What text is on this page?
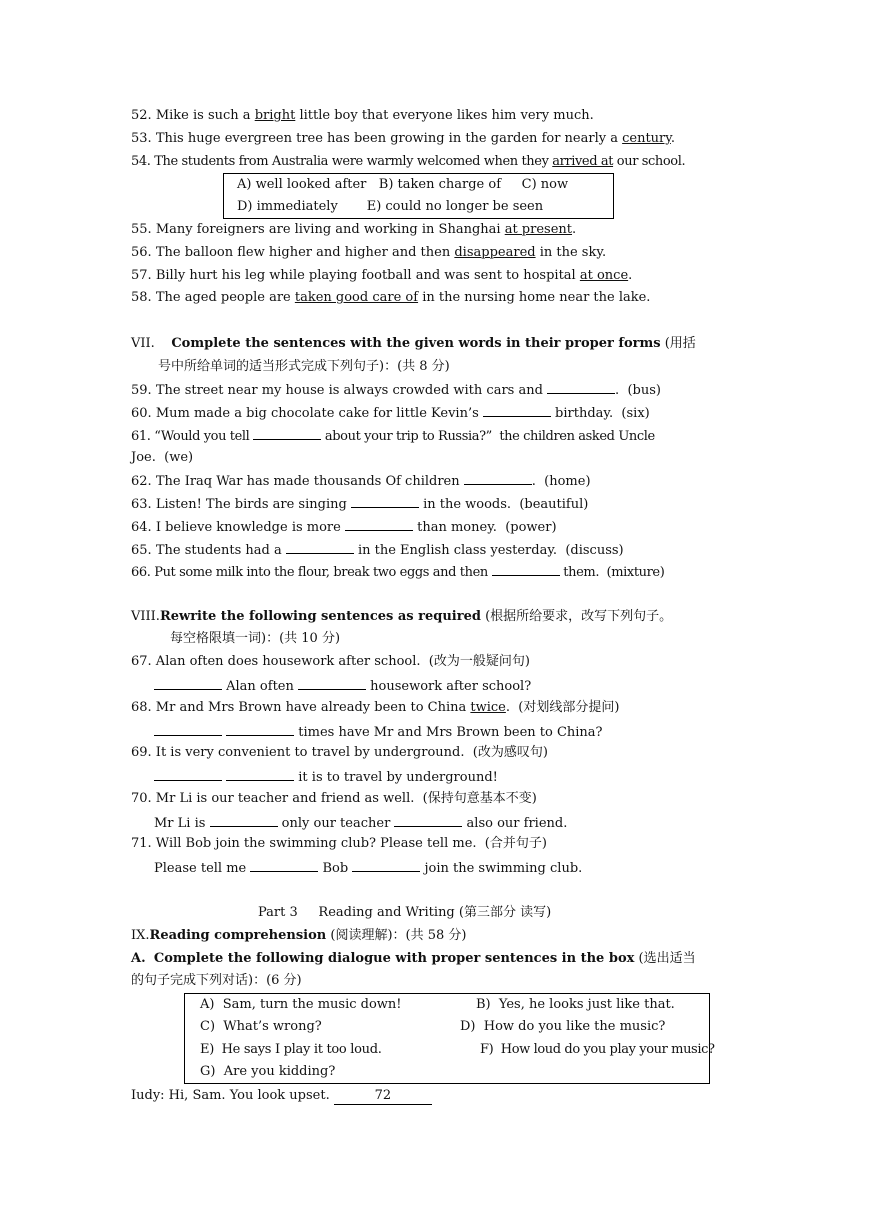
52. Mike is such a bright little boy that everyone likes him very much.
53. This huge evergreen tree has been growing in the garden for nearly a century.
54. The students from Australia were warmly welcomed when they arrived at our school.
A) well looked after   B) taken charge of     C) now
D) immediately       E) could no longer be seen
55. Many foreigners are living and working in Shanghai at present.
56. The balloon flew higher and higher and then disappeared in the sky.
57. Billy hurt his leg while playing football and was sent to hospital at once.
58. The aged people are taken good care of in the nursing home near the lake.
VII. Complete the sentences with the given words in their proper forms (用括
号中所给单词的适当形式完成下列句子)：(共 8 分)
59. The street near my house is always crowded with cars and	.  (bus)
60. Mum made a big chocolate cake for little Kevin’s	birthday.  (six)
61. “Would you tell	about your trip to Russia?”  the children asked Uncle
Joe.  (we)
62. The Iraq War has made thousands Of children	.  (home)
63. Listen! The birds are singing	in the woods.  (beautiful)
64. I believe knowledge is more	than money.  (power)
65. The students had a	in the English class yesterday.  (discuss)
66. Put some milk into the flour, break two eggs and then	them.  (mixture)
VIII.Rewrite the following sentences as required (根据所给要求，改写下列句子。
每空格限填一词)：(共 10 分)
67. Alan often does housework after school.  (改为一般疑问句)
Alan often	housework after school?
68. Mr and Mrs Brown have already been to China twice.  (对划线部分提问)
times have Mr and Mrs Brown been to China?
69. It is very convenient to travel by underground.  (改为感叹句)
it is to travel by underground!
70. Mr Li is our teacher and friend as well.  (保持句意基本不变)
Mr Li is	only our teacher	also our friend.
71. Will Bob join the swimming club? Please tell me.  (合并句子)
Please tell me	Bob	join the swimming club.
Part 3     Reading and Writing (第三部分 读写)
IX.Reading comprehension (阅读理解)：(共 58 分)
A. Complete the following dialogue with proper sentences in the box (选出适当
的句子完成下列对话)：(6 分)
A)  Sam, turn the music down!	B)  Yes, he looks just like that.
C)  What’s wrong?	D)  How do you like the music?
E)  He says I play it too loud.	F)  How loud do you play your music?
G)  Are you kidding?
Iudy: Hi, Sam. You look upset.	72
